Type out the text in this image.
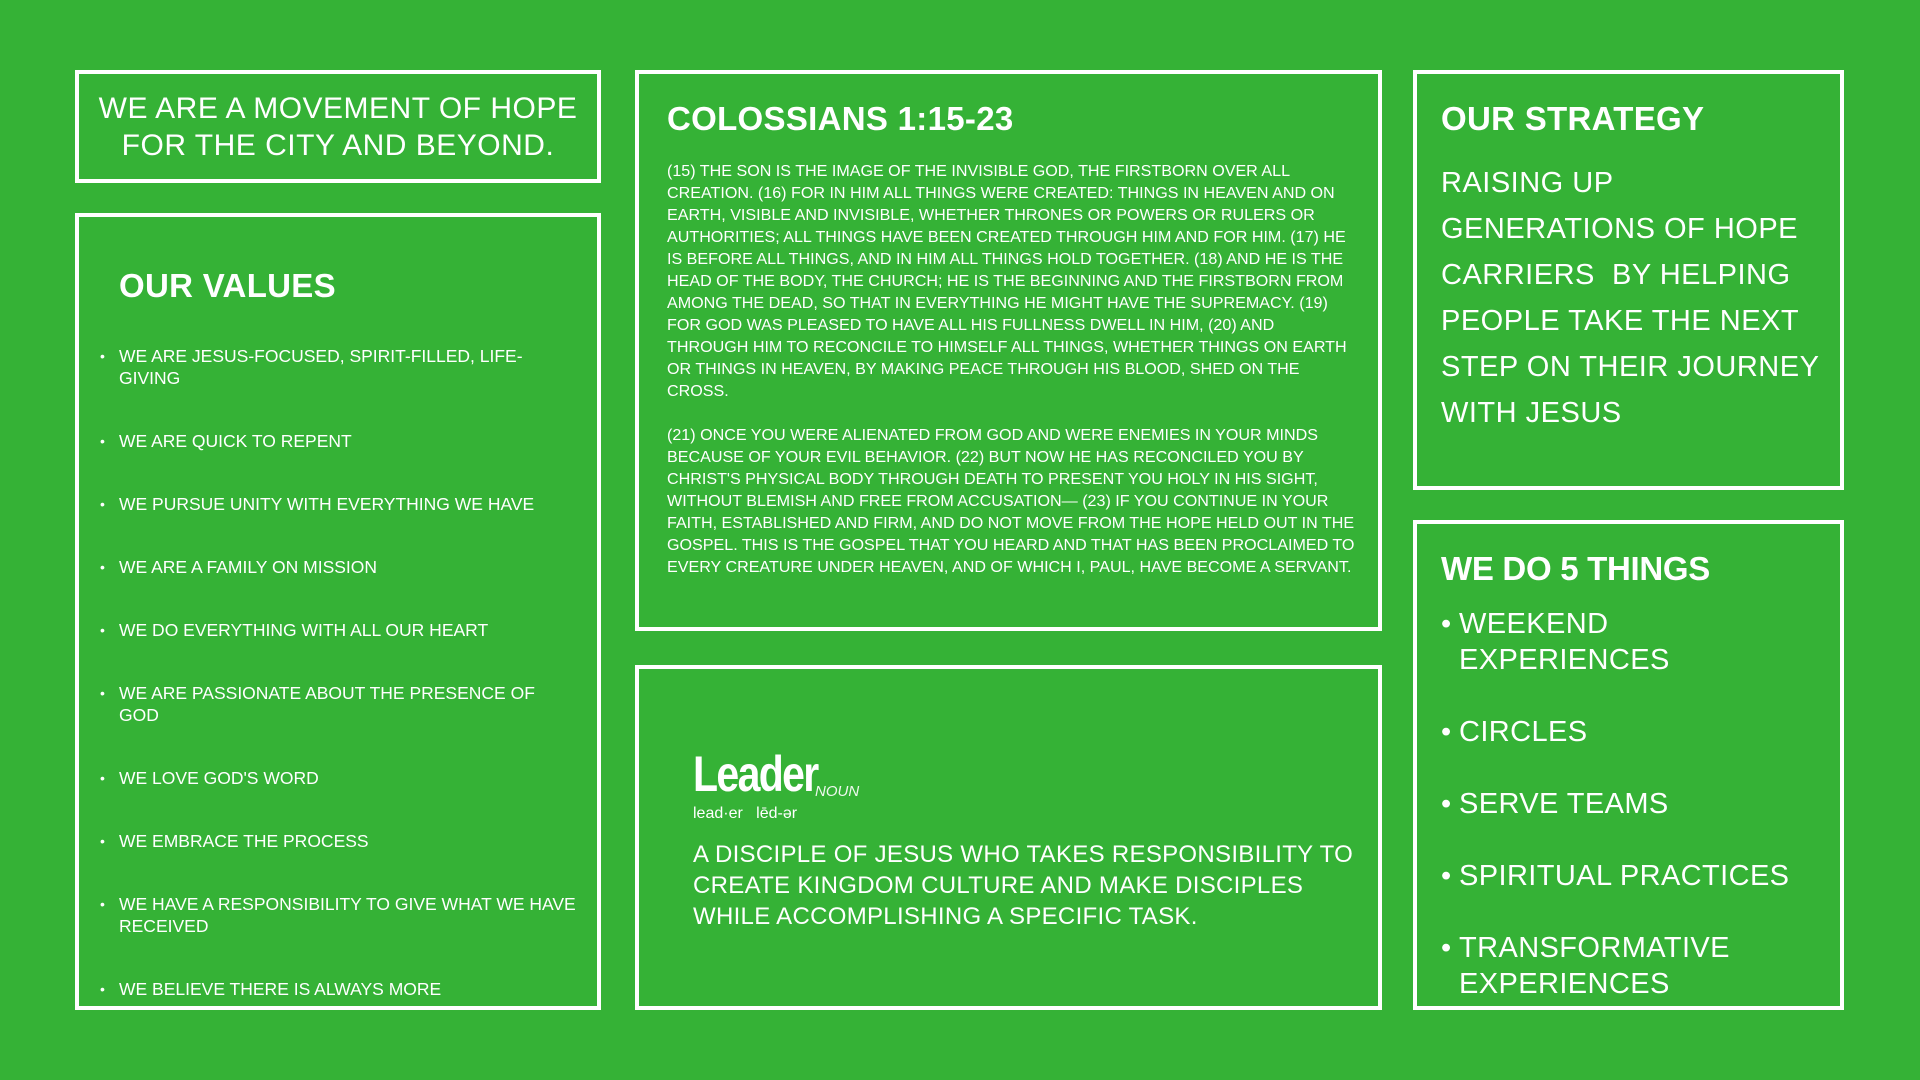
WE ARE A MOVEMENT OF HOPE
FOR THE CITY AND BEYOND.
OUR VALUES
• WE ARE JESUS-FOCUSED, SPIRIT-FILLED, LIFE-GIVING
• WE ARE QUICK TO REPENT
• WE PURSUE UNITY WITH EVERYTHING WE HAVE
• WE ARE A FAMILY ON MISSION
• WE DO EVERYTHING WITH ALL OUR HEART
• WE ARE PASSIONATE ABOUT THE PRESENCE OF GOD
• WE LOVE GOD'S WORD
• WE EMBRACE THE PROCESS
• WE HAVE A RESPONSIBILITY TO GIVE WHAT WE HAVE RECEIVED
• WE BELIEVE THERE IS ALWAYS MORE
COLOSSIANS 1:15-23

(15) THE SON IS THE IMAGE OF THE INVISIBLE GOD, THE FIRSTBORN OVER ALL CREATION. (16) FOR IN HIM ALL THINGS WERE CREATED: THINGS IN HEAVEN AND ON EARTH, VISIBLE AND INVISIBLE, WHETHER THRONES OR POWERS OR RULERS OR AUTHORITIES; ALL THINGS HAVE BEEN CREATED THROUGH HIM AND FOR HIM. (17) HE IS BEFORE ALL THINGS, AND IN HIM ALL THINGS HOLD TOGETHER. (18) AND HE IS THE HEAD OF THE BODY, THE CHURCH; HE IS THE BEGINNING AND THE FIRSTBORN FROM AMONG THE DEAD, SO THAT IN EVERYTHING HE MIGHT HAVE THE SUPREMACY. (19) FOR GOD WAS PLEASED TO HAVE ALL HIS FULLNESS DWELL IN HIM, (20) AND THROUGH HIM TO RECONCILE TO HIMSELF ALL THINGS, WHETHER THINGS ON EARTH OR THINGS IN HEAVEN, BY MAKING PEACE THROUGH HIS BLOOD, SHED ON THE CROSS.

(21) ONCE YOU WERE ALIENATED FROM GOD AND WERE ENEMIES IN YOUR MINDS BECAUSE OF YOUR EVIL BEHAVIOR. (22) BUT NOW HE HAS RECONCILED YOU BY CHRIST'S PHYSICAL BODY THROUGH DEATH TO PRESENT YOU HOLY IN HIS SIGHT, WITHOUT BLEMISH AND FREE FROM ACCUSATION— (23) IF YOU CONTINUE IN YOUR FAITH, ESTABLISHED AND FIRM, AND DO NOT MOVE FROM THE HOPE HELD OUT IN THE GOSPEL. THIS IS THE GOSPEL THAT YOU HEARD AND THAT HAS BEEN PROCLAIMED TO EVERY CREATURE UNDER HEAVEN, AND OF WHICH I, PAUL, HAVE BECOME A SERVANT.

Leader
NOUN
lead·er   lēd-ər

A DISCIPLE OF JESUS WHO TAKES RESPONSIBILITY TO CREATE KINGDOM CULTURE AND MAKE DISCIPLES WHILE ACCOMPLISHING A SPECIFIC TASK.

OUR STRATEGY

RAISING UP GENERATIONS OF HOPE CARRIERS  BY HELPING PEOPLE TAKE THE NEXT STEP ON THEIR JOURNEY WITH JESUS

WE DO 5 THINGS
• WEEKEND EXPERIENCES
• CIRCLES
• SERVE TEAMS
• SPIRITUAL PRACTICES
• TRANSFORMATIVE EXPERIENCES
